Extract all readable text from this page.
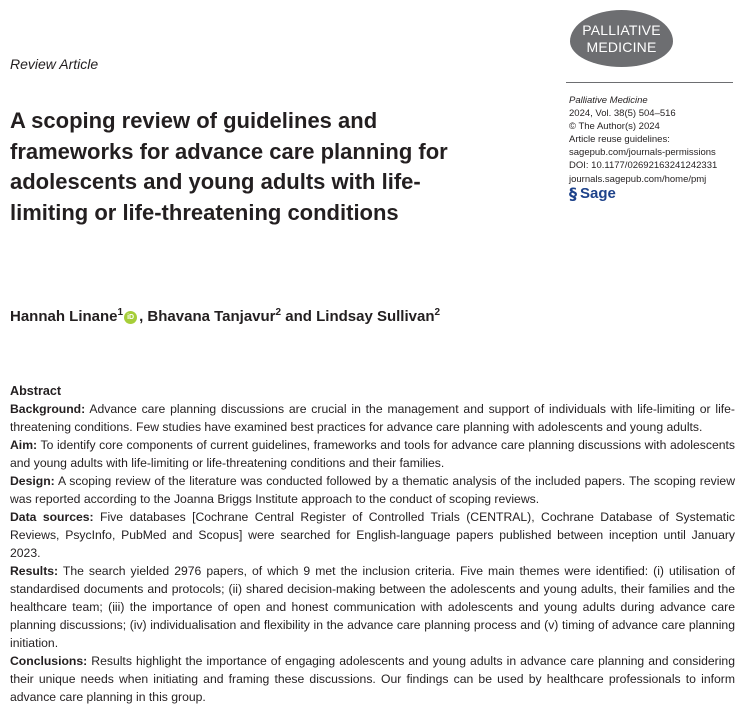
PALLIATIVE
MEDICINE
Review Article
Palliative Medicine
2024, Vol. 38(5) 504–516
© The Author(s) 2024
Article reuse guidelines:
sagepub.com/journals-permissions
DOI: 10.1177/02692163241242331
journals.sagepub.com/home/pmj
§ Sage
A scoping review of guidelines and frameworks for advance care planning for adolescents and young adults with life-limiting or life-threatening conditions
Hannah Linane$^1$ iD , Bhavana Tanjavur$^2$ and Lindsay Sullivan$^2$
Abstract

Background: Advance care planning discussions are crucial in the management and support of individuals with life-limiting or life-threatening conditions. Few studies have examined best practices for advance care planning with adolescents and young adults.

Aim: To identify core components of current guidelines, frameworks and tools for advance care planning discussions with adolescents and young adults with life-limiting or life-threatening conditions and their families.

Design: A scoping review of the literature was conducted followed by a thematic analysis of the included papers. The scoping review was reported according to the Joanna Briggs Institute approach to the conduct of scoping reviews.

Data sources: Five databases [Cochrane Central Register of Controlled Trials (CENTRAL), Cochrane Database of Systematic Reviews, PsycInfo, PubMed and Scopus] were searched for English-language papers published between inception until January 2023.

Results: The search yielded 2976 papers, of which 9 met the inclusion criteria. Five main themes were identified: (i) utilisation of standardised documents and protocols; (ii) shared decision-making between the adolescents and young adults, their families and the healthcare team; (iii) the importance of open and honest communication with adolescents and young adults during advance care planning discussions; (iv) individualisation and flexibility in the advance care planning process and (v) timing of advance care planning initiation.

Conclusions: Results highlight the importance of engaging adolescents and young adults in advance care planning and considering their unique needs when initiating and framing these discussions. Our findings can be used by healthcare professionals to inform advance care planning in this group.
